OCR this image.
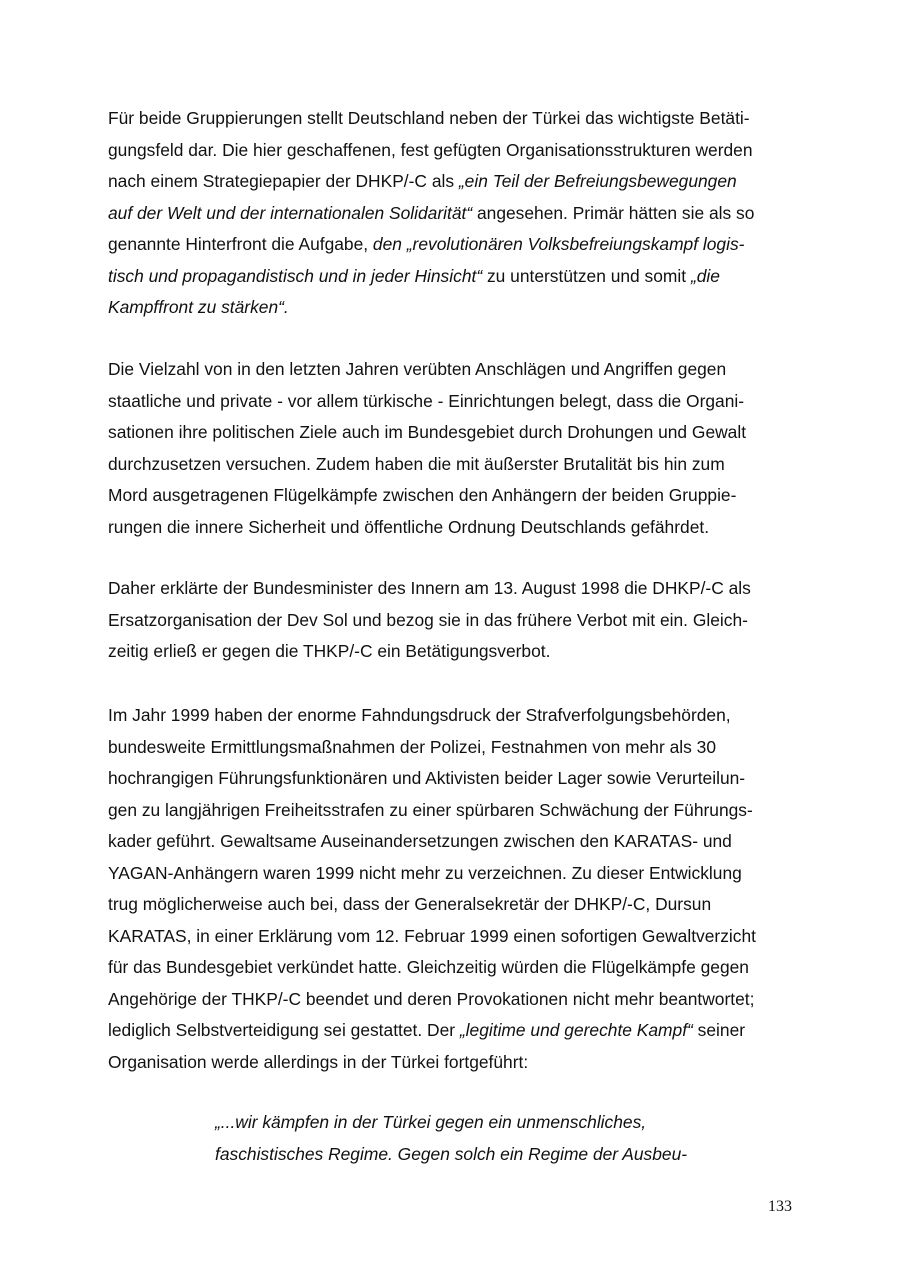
Für beide Gruppierungen stellt Deutschland neben der Türkei das wichtigste Betäti-
gungsfeld dar. Die hier geschaffenen, fest gefügten Organisationsstrukturen werden
nach einem Strategiepapier der DHKP/-C als „ein Teil der Befreiungsbewegungen
auf der Welt und der internationalen Solidarität“ angesehen. Primär hätten sie als so
genannte Hinterfront die Aufgabe, den „revolutionären Volksbefreiungskampf logis-
tisch und propagandistisch und in jeder Hinsicht“ zu unterstützen und somit „die
Kampffront zu stärken“.
Die Vielzahl von in den letzten Jahren verübten Anschlägen und Angriffen gegen
staatliche und private - vor allem türkische - Einrichtungen belegt, dass die Organi-
sationen ihre politischen Ziele auch im Bundesgebiet durch Drohungen und Gewalt
durchzusetzen versuchen. Zudem haben die mit äußerster Brutalität bis hin zum
Mord ausgetragenen Flügelkämpfe zwischen den Anhängern der beiden Gruppie-
rungen die innere Sicherheit und öffentliche Ordnung Deutschlands gefährdet.
Daher erklärte der Bundesminister des Innern am 13. August 1998 die DHKP/-C als
Ersatzorganisation der Dev Sol und bezog sie in das frühere Verbot mit ein. Gleich-
zeitig erließ er gegen die THKP/-C ein Betätigungsverbot.
Im Jahr 1999 haben der enorme Fahndungsdruck der Strafverfolgungsbehörden,
bundesweite Ermittlungsmaßnahmen der Polizei, Festnahmen von mehr als 30
hochrangigen Führungsfunktionären und Aktivisten beider Lager sowie Verurteilun-
gen zu langjährigen Freiheitsstrafen zu einer spürbaren Schwächung der Führungs-
kader geführt. Gewaltsame Auseinandersetzungen zwischen den KARATAS- und
YAGAN-Anhängern waren 1999 nicht mehr zu verzeichnen. Zu dieser Entwicklung
trug möglicherweise auch bei, dass der Generalsekretär der DHKP/-C, Dursun
KARATAS, in einer Erklärung vom 12. Februar 1999 einen sofortigen Gewaltverzicht
für das Bundesgebiet verkündet hatte. Gleichzeitig würden die Flügelkämpfe gegen
Angehörige der THKP/-C beendet und deren Provokationen nicht mehr beantwortet;
lediglich Selbstverteidigung sei gestattet. Der „legitime und gerechte Kampf“ seiner
Organisation werde allerdings in der Türkei fortgeführt:
„...wir kämpfen in der Türkei gegen ein unmenschliches,
faschistisches Regime. Gegen solch ein Regime der Ausbeu-
133
